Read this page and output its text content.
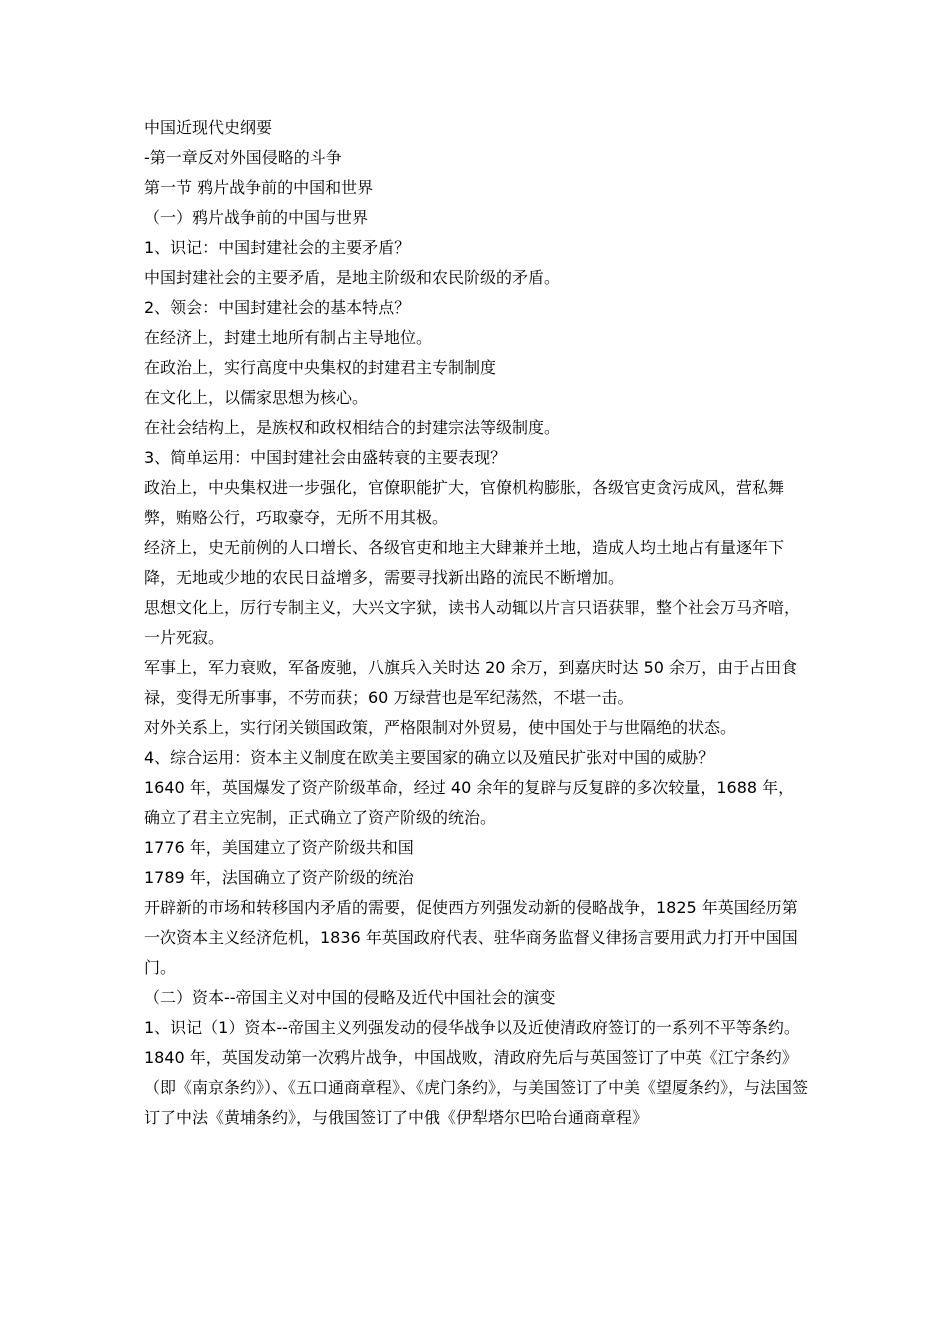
中国近现代史纲要
-第一章反对外国侵略的斗争
第一节 鸦片战争前的中国和世界
（一）鸦片战争前的中国与世界
1、识记：中国封建社会的主要矛盾？
中国封建社会的主要矛盾，是地主阶级和农民阶级的矛盾。
2、领会：中国封建社会的基本特点？
在经济上，封建土地所有制占主导地位。
在政治上，实行高度中央集权的封建君主专制制度
在文化上，以儒家思想为核心。
在社会结构上，是族权和政权相结合的封建宗法等级制度。
3、简单运用：中国封建社会由盛转衰的主要表现？
政治上，中央集权进一步强化，官僚职能扩大，官僚机构膨胀，各级官吏贪污成风，营私舞弊，贿赂公行，巧取豪夺，无所不用其极。
经济上，史无前例的人口增长、各级官吏和地主大肆兼并土地，造成人均土地占有量逐年下降，无地或少地的农民日益增多，需要寻找新出路的流民不断增加。
思想文化上，厉行专制主义，大兴文字狱，读书人动辄以片言只语获罪，整个社会万马齐喑，一片死寂。
军事上，军力衰败，军备废驰，八旗兵入关时达 20 余万，到嘉庆时达 50 余万，由于占田食禄，变得无所事事，不劳而获；60 万绿营也是军纪荡然，不堪一击。
对外关系上，实行闭关锁国政策，严格限制对外贸易，使中国处于与世隔绝的状态。
4、综合运用：资本主义制度在欧美主要国家的确立以及殖民扩张对中国的威胁？
1640 年，英国爆发了资产阶级革命，经过 40 余年的复辟与反复辟的多次较量，1688 年，确立了君主立宪制，正式确立了资产阶级的统治。
1776 年，美国建立了资产阶级共和国
1789 年，法国确立了资产阶级的统治
开辟新的市场和转移国内矛盾的需要，促使西方列强发动新的侵略战争，1825 年英国经历第一次资本主义经济危机，1836 年英国政府代表、驻华商务监督义律扬言要用武力打开中国国门。
（二）资本--帝国主义对中国的侵略及近代中国社会的演变
1、识记（1）资本--帝国主义列强发动的侵华战争以及近使清政府签订的一系列不平等条约。
1840 年，英国发动第一次鸦片战争，中国战败，清政府先后与英国签订了中英《江宁条约》（即《南京条约》）、《五口通商章程》、《虎门条约》，与美国签订了中美《望厦条约》，与法国签订了中法《黄埔条约》，与俄国签订了中俄《伊犁塔尔巴哈台通商章程》
